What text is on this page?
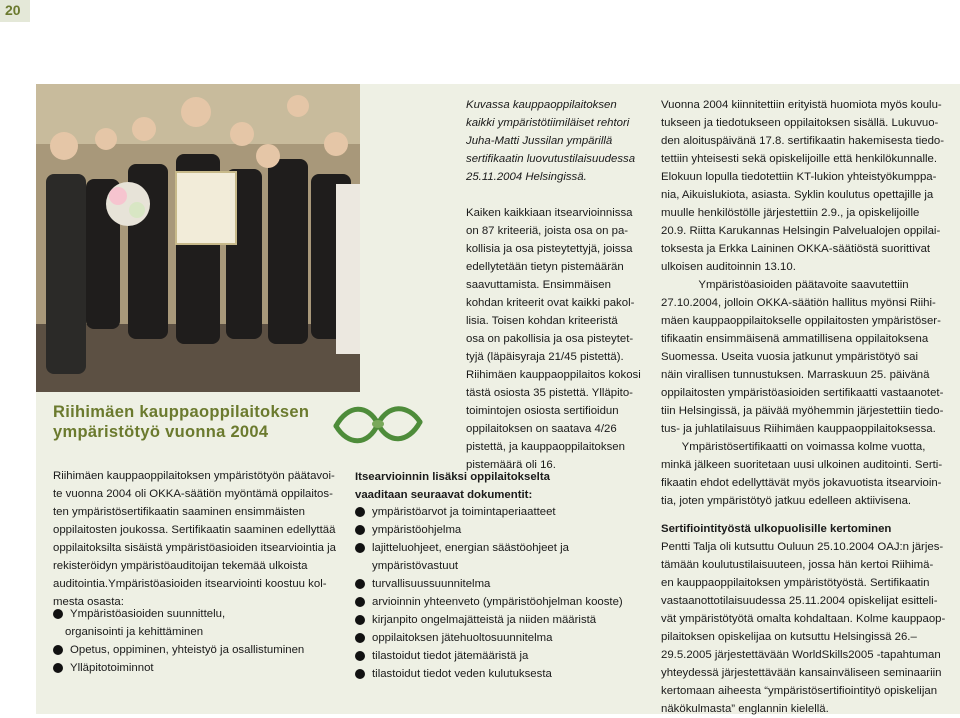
20
Riihimäen kauppaoppilaitoksen
ympäristötyö vuonna 2004
Riihimäen kauppaoppilaitoksen ympäristötyön päätavoi-
te vuonna 2004 oli OKKA-säätiön myöntämä oppilaitos-
ten ympäristösertifikaatin saaminen ensimmäisten
oppilaitosten joukossa. Sertifikaatin saaminen edellyttää
oppilaitoksilta sisäistä ympäristöasioiden itsearviointia ja
rekisteröidyn ympäristöauditoijan tekemää ulkoista
auditointia.Ympäristöasioiden itsearviointi koostuu kol-
mesta osasta:
Ympäristöasioiden suunnittelu,
organisointi ja kehittäminen
Opetus, oppiminen, yhteistyö ja osallistuminen
Ylläpitotoiminnot
Kuvassa kauppaoppilaitoksen
kaikki ympäristötiimiläiset rehtori
Juha-Matti Jussilan ympärillä
sertifikaatin luovutustilaisuudessa
25.11.2004 Helsingissä.
Kaiken kaikkiaan itsearvioinnissa
on 87 kriteeriä, joista osa on pa-
kollisia ja osa pisteytettyjä, joissa
edellytetään tietyn pistemäärän
saavuttamista. Ensimmäisen
kohdan kriteerit ovat kaikki pakol-
lisia. Toisen kohdan kriteeristä
osa on pakollisia ja osa pisteytet-
tyjä (läpäisyraja 21/45 pistettä).
Riihimäen kauppaoppilaitos kokosi
tästä osiosta 35 pistettä. Ylläpito-
toimintojen osiosta sertifioidun
oppilaitoksen on saatava 4/26
pistettä, ja kauppaoppilaitoksen
pistemäärä oli 16.
Itsearvioinnin lisäksi oppilaitokselta
vaaditaan seuraavat dokumentit:
ympäristöarvot ja toimintaperiaatteet
ympäristöohjelma
lajitteluohjeet, energian säästöohjeet ja
ympäristövastuut
turvallisuussuunnitelma
arvioinnin yhteenveto (ympäristöohjelman kooste)
kirjanpito ongelmajätteistä ja niiden määristä
oppilaitoksen jätehuoltosuunnitelma
tilastoidut tiedot jätemääristä ja
tilastoidut tiedot veden kulutuksesta
Vuonna 2004 kiinnitettiin erityistä huomiota myös koulu-
tukseen ja tiedotukseen oppilaitoksen sisällä. Lukuvuo-
den aloituspäivänä 17.8. sertifikaatin hakemisesta tiedo-
tettiin yhteisesti sekä opiskelijoille että henkilökunnalle.
Elokuun lopulla tiedotettiin KT-lukion yhteistyökumppa-
nia, Aikuislukiota, asiasta. Syklin koulutus opettajille ja
muulle henkilöstölle järjestettiin 2.9., ja opiskelijoille
20.9. Riitta Karukannas Helsingin Palvelualojen oppilai-
toksesta ja Erkka Laininen OKKA-säätiöstä suorittivat
ulkoisen auditoinnin 13.10.
Ympäristöasioiden päätavoite saavutettiin
27.10.2004, jolloin OKKA-säätiön hallitus myönsi Riihi-
mäen kauppaoppilaitokselle oppilaitosten ympäristöser-
tifikaatin ensimmäisenä ammatillisena oppilaitoksena
Suomessa. Useita vuosia jatkunut ympäristötyö sai
näin virallisen tunnustuksen. Marraskuun 25. päivänä
oppilaitosten ympäristöasioiden sertifikaatti vastaanotet-
tiin Helsingissä, ja päivää myöhemmin järjestettiin tiedo-
tus- ja juhlatilaisuus Riihimäen kauppaoppilaitoksessa.
Ympäristösertifikaatti on voimassa kolme vuotta,
minkä jälkeen suoritetaan uusi ulkoinen auditointi. Serti-
fikaatin ehdot edellyttävät myös jokavuotista itsearvioin-
tia, joten ympäristötyö jatkuu edelleen aktiivisena.
Sertifiointityöstä ulkopuolisille kertominen
Pentti Talja oli kutsuttu Ouluun 25.10.2004 OAJ:n järjes-
tämään koulutustilaisuuteen, jossa hän kertoi Riihimä-
en kauppaoppilaitoksen ympäristötyöstä. Sertifikaatin
vastaanottotilaisuudessa 25.11.2004 opiskelijat esitteli-
vät ympäristötyötä omalta kohdaltaan. Kolme kauppaop-
pilaitoksen opiskelijaa on kutsuttu Helsingissä 26.–
29.5.2005 järjestettävään WorldSkills2005 -tapahtuman
yhteydessä järjestettävään kansainväliseen seminaariin
kertomaan aiheesta “ympäristösertifiointityö opiskelijan
näkökulmasta” englannin kielellä.
